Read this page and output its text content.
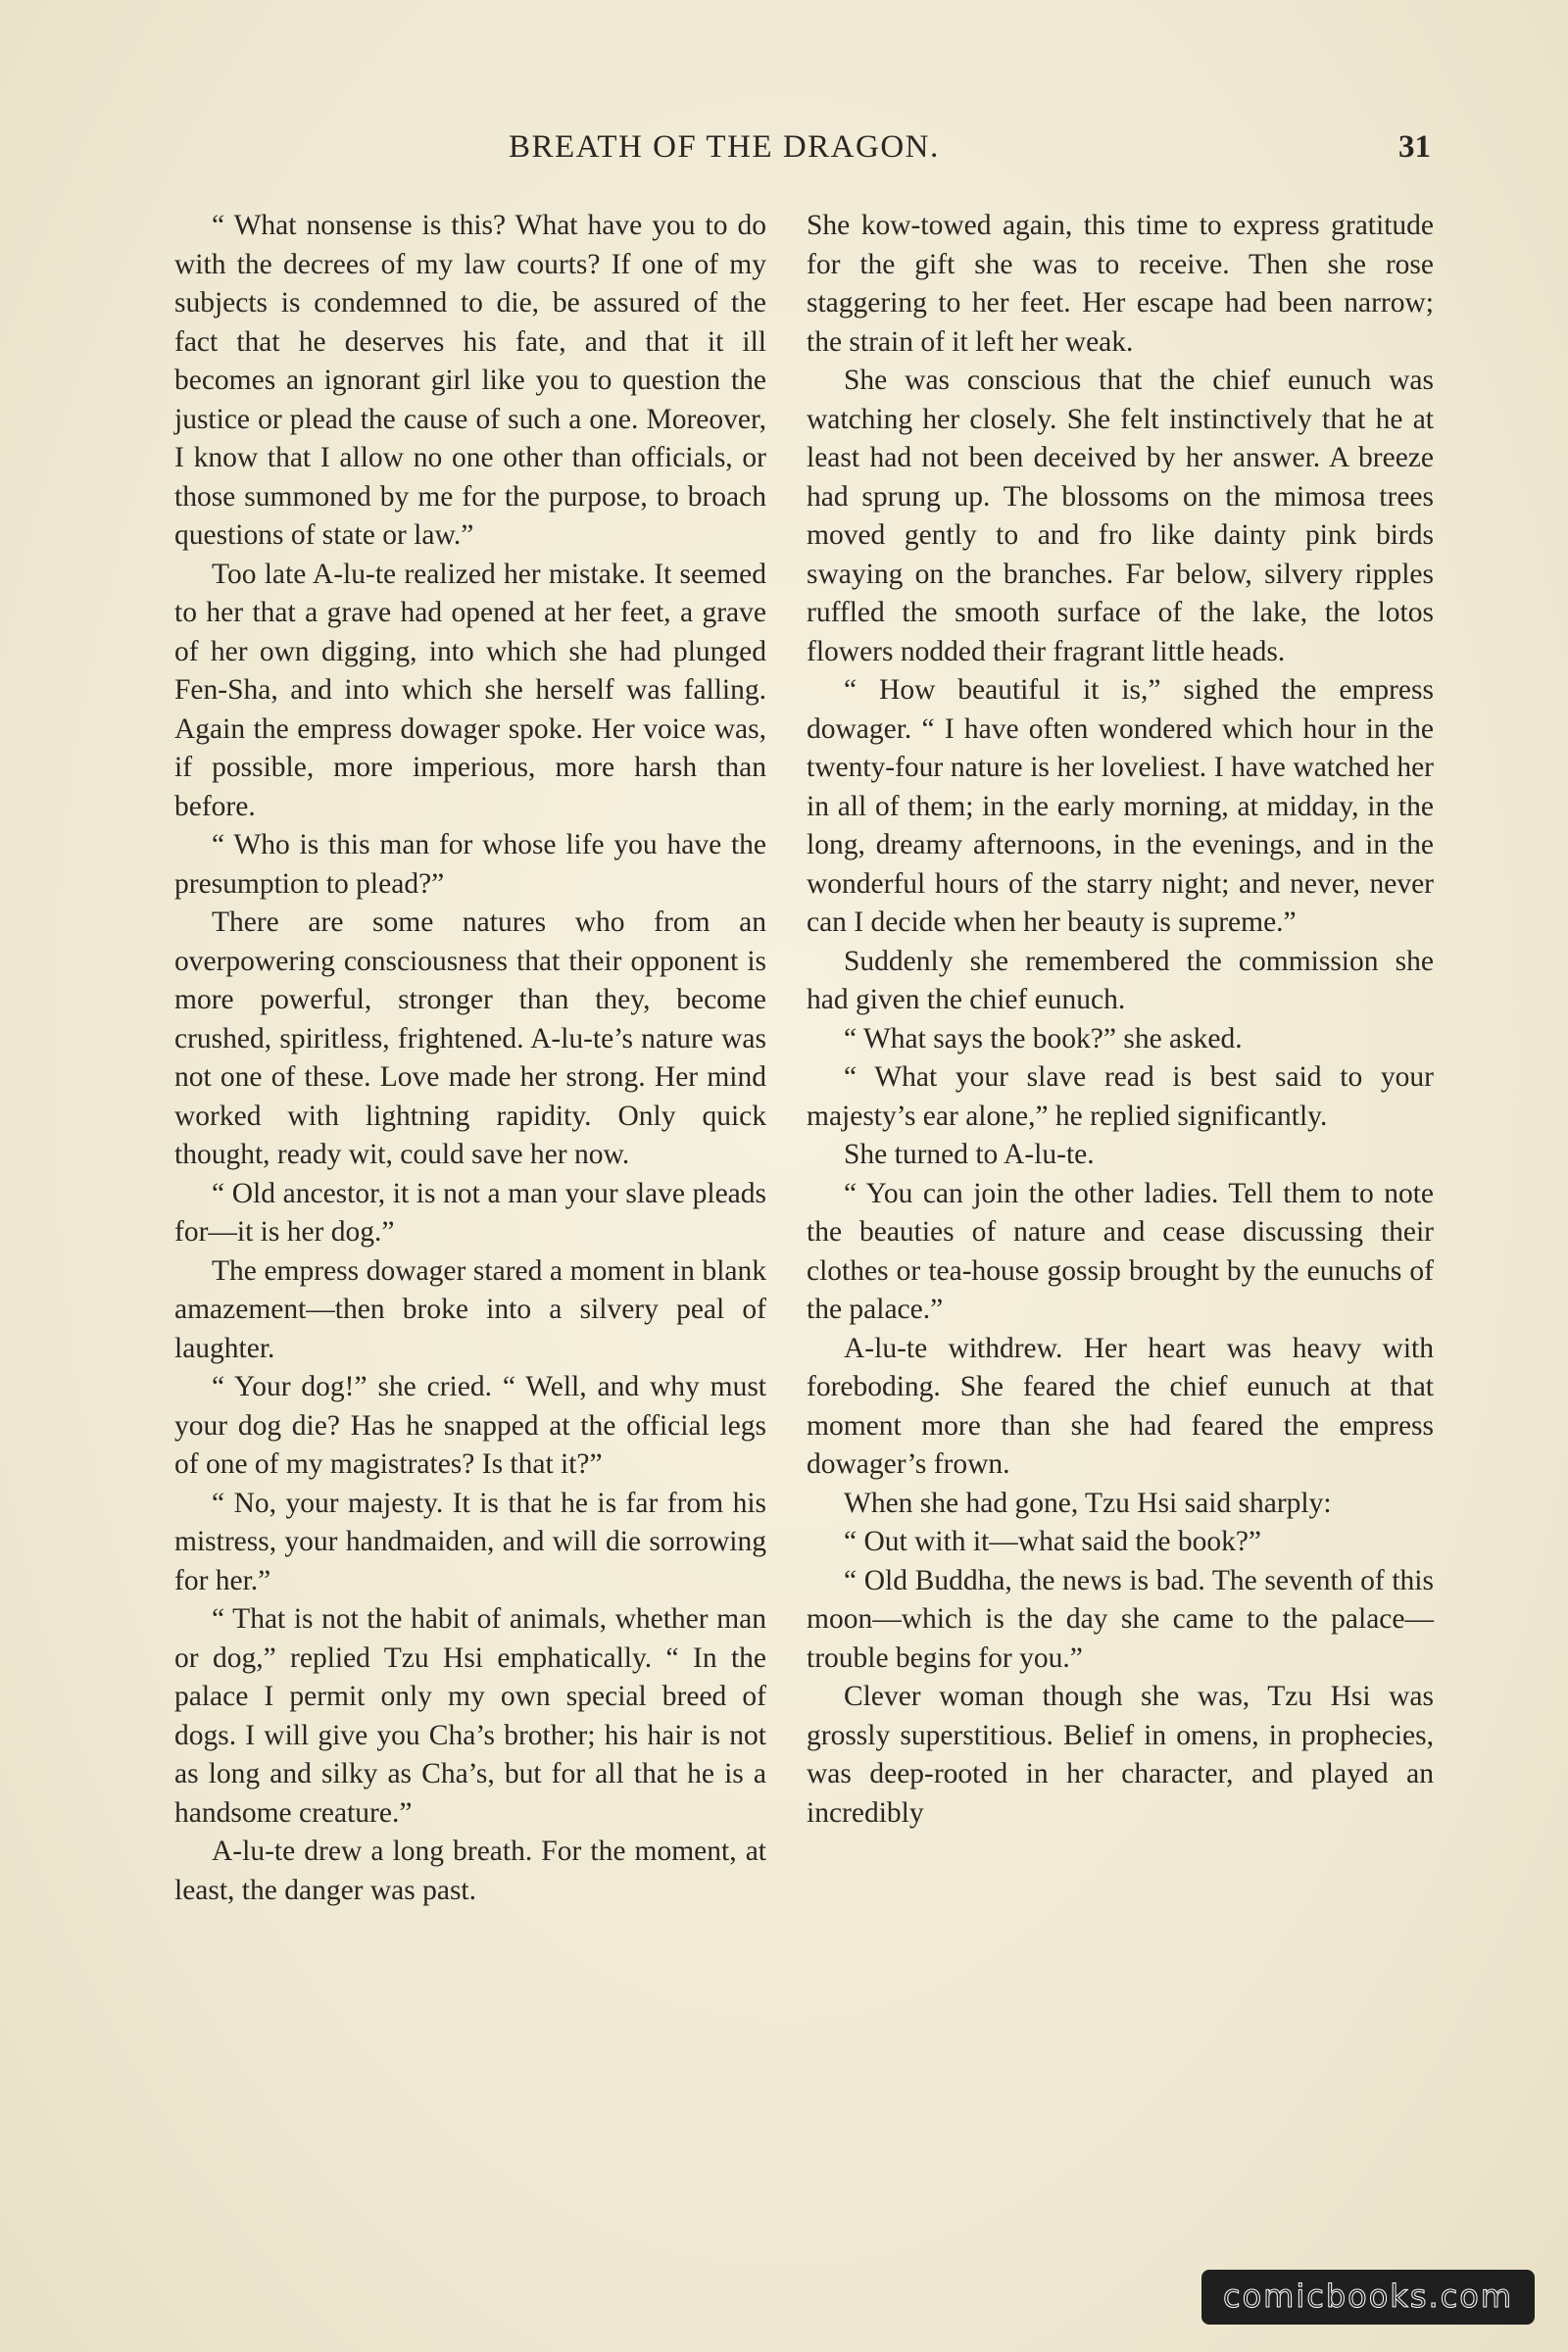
BREATH OF THE DRAGON.	31

“ What nonsense is this? What have you to do with the decrees of my law courts? If one of my subjects is condemned to die, be assured of the fact that he deserves his fate, and that it ill becomes an ignorant girl like you to question the justice or plead the cause of such a one. Moreover, I know that I allow no one other than officials, or those summoned by me for the purpose, to broach questions of state or law.”

Too late A-lu-te realized her mistake. It seemed to her that a grave had opened at her feet, a grave of her own digging, into which she had plunged Fen-Sha, and into which she herself was falling. Again the empress dowager spoke. Her voice was, if possible, more imperious, more harsh than before.

“ Who is this man for whose life you have the presumption to plead?”

There are some natures who from an overpowering consciousness that their opponent is more powerful, stronger than they, become crushed, spiritless, frightened. A-lu-te’s nature was not one of these. Love made her strong. Her mind worked with lightning rapidity. Only quick thought, ready wit, could save her now.

“ Old ancestor, it is not a man your slave pleads for—it is her dog.”

The empress dowager stared a moment in blank amazement—then broke into a silvery peal of laughter.

“ Your dog!” she cried. “ Well, and why must your dog die? Has he snapped at the official legs of one of my magistrates? Is that it?”

“ No, your majesty. It is that he is far from his mistress, your handmaiden, and will die sorrowing for her.”

“ That is not the habit of animals, whether man or dog,” replied Tzu Hsi emphatically. “ In the palace I permit only my own special breed of dogs. I will give you Cha’s brother; his hair is not as long and silky as Cha’s, but for all that he is a handsome creature.”

A-lu-te drew a long breath. For the moment, at least, the danger was past.

She kow-towed again, this time to express gratitude for the gift she was to receive. Then she rose staggering to her feet. Her escape had been narrow; the strain of it left her weak.

She was conscious that the chief eunuch was watching her closely. She felt instinctively that he at least had not been deceived by her answer. A breeze had sprung up. The blossoms on the mimosa trees moved gently to and fro like dainty pink birds swaying on the branches. Far below, silvery ripples ruffled the smooth surface of the lake, the lotos flowers nodded their fragrant little heads.

“ How beautiful it is,” sighed the empress dowager. “ I have often wondered which hour in the twenty-four nature is her loveliest. I have watched her in all of them; in the early morning, at midday, in the long, dreamy afternoons, in the evenings, and in the wonderful hours of the starry night; and never, never can I decide when her beauty is supreme.”

Suddenly she remembered the commission she had given the chief eunuch.

“ What says the book?” she asked.

“ What your slave read is best said to your majesty’s ear alone,” he replied significantly.

She turned to A-lu-te.

“ You can join the other ladies. Tell them to note the beauties of nature and cease discussing their clothes or tea-house gossip brought by the eunuchs of the palace.”

A-lu-te withdrew. Her heart was heavy with foreboding. She feared the chief eunuch at that moment more than she had feared the empress dowager’s frown.

When she had gone, Tzu Hsi said sharply:

“ Out with it—what said the book?”

“ Old Buddha, the news is bad. The seventh of this moon—which is the day she came to the palace—trouble begins for you.”

Clever woman though she was, Tzu Hsi was grossly superstitious. Belief in omens, in prophecies, was deep-rooted in her character, and played an incredibly

comicbooks.com
